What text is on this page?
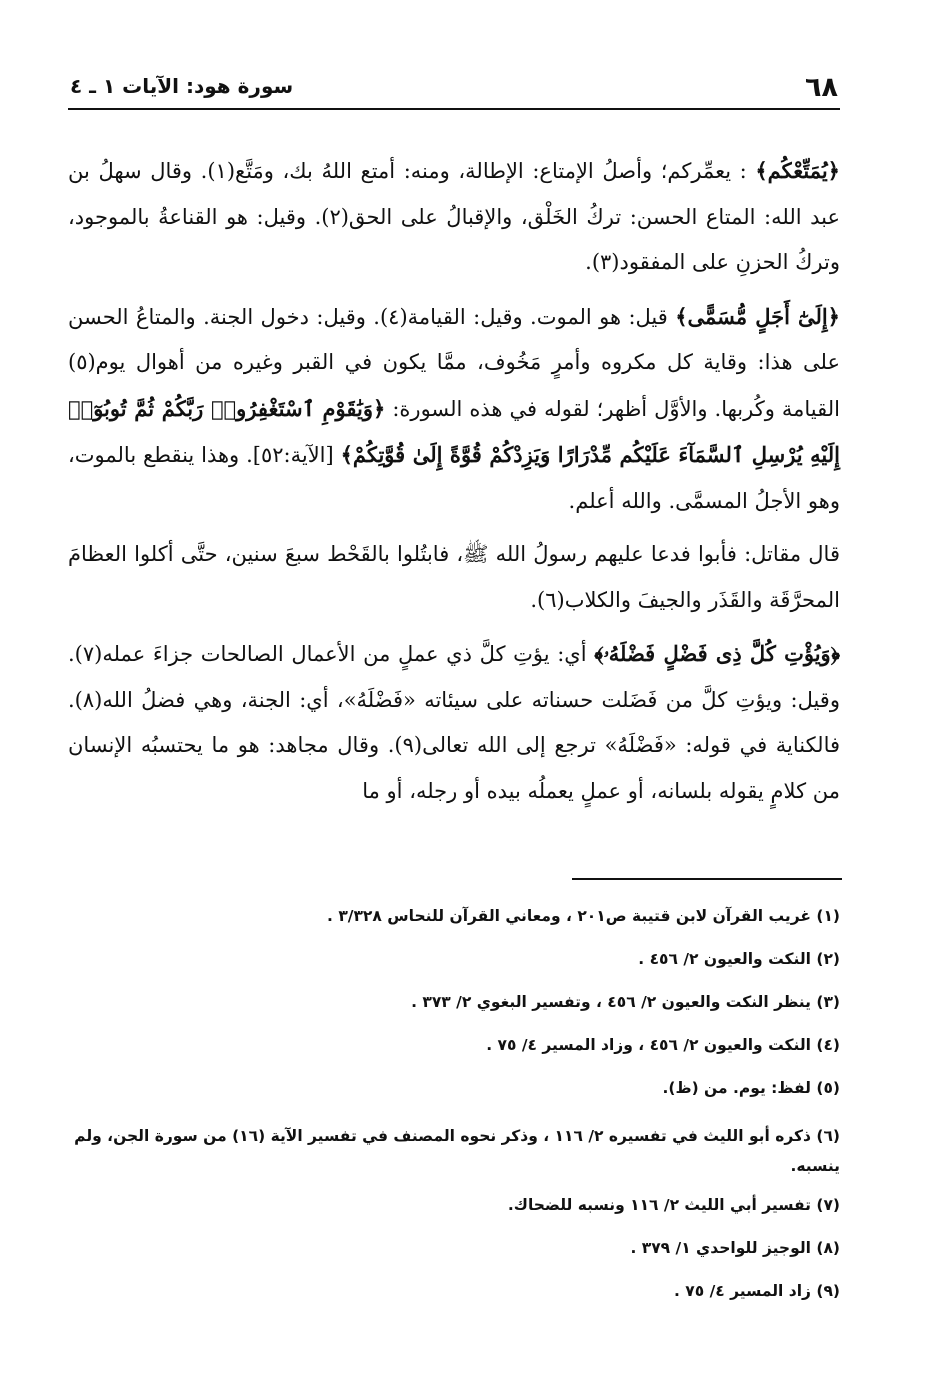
٦٨
سورة هود: الآيات ١ ـ ٤

﴿يُمَتِّعْكُم﴾ : يعمِّركم؛ وأصلُ الإمتاع: الإطالة، ومنه: أمتع اللهُ بك، ومَتَّع(١). وقال سهلُ بن عبد الله: المتاع الحسن: تركُ الخَلْق، والإقبالُ على الحق(٢). وقيل: هو القناعةُ بالموجود، وتركُ الحزنِ على المفقود(٣).

﴿إِلَىٰٓ أَجَلٍ مُّسَمًّى﴾ قيل: هو الموت. وقيل: القيامة(٤). وقيل: دخول الجنة. والمتاعُ الحسن على هذا: وقاية كل مكروه وأمرٍ مَخُوف، ممَّا يكون في القبر وغيره من أهوال يوم(٥) القيامة وكُربها. والأوَّل أظهر؛ لقوله في هذه السورة: ﴿وَيَٰقَوْمِ ٱسْتَغْفِرُوا۟ رَبَّكُمْ ثُمَّ تُوبُوٓا۟ إِلَيْهِ يُرْسِلِ ٱلسَّمَآءَ عَلَيْكُم مِّدْرَارًا وَيَزِدْكُمْ قُوَّةً إِلَىٰ قُوَّتِكُمْ﴾ [الآية:٥٢]. وهذا ينقطع بالموت، وهو الأجلُ المسمَّى. والله أعلم.

قال مقاتل: فأبوا فدعا عليهم رسولُ الله ﷺ، فابتُلوا بالقَحْط سبعَ سنين، حتَّى أكلوا العظامَ المحرَّقَة والقَذَر والجيفَ والكلاب(٦).

﴿وَيُؤْتِ كُلَّ ذِى فَضْلٍ فَضْلَهُۥ﴾ أي: يؤتِ كلَّ ذي عملٍ من الأعمال الصالحات جزاءَ عمله(٧). وقيل: ويؤتِ كلَّ من فَضَلت حسناته على سيئاته «فَضْلَهُ»، أي: الجنة، وهي فضلُ الله(٨). فالكناية في قوله: «فَضْلَهُ» ترجع إلى الله تعالى(٩). وقال مجاهد: هو ما يحتسبُه الإنسان من كلامٍ يقوله بلسانه، أو عملٍ يعملُه بيده أو رجله، أو ما

(١) غريب القرآن لابن قتيبة ص٢٠١ ، ومعاني القرآن للنحاس ٣/٣٢٨ .
(٢) النكت والعيون ٢/ ٤٥٦ .
(٣) ينظر النكت والعيون ٢/ ٤٥٦ ، وتفسير البغوي ٢/ ٣٧٣ .
(٤) النكت والعيون ٢/ ٤٥٦ ، وزاد المسير ٤/ ٧٥ .
(٥) لفظ: يوم. من (ظ).
(٦) ذكره أبو الليث في تفسيره ٢/ ١١٦ ، وذكر نحوه المصنف في تفسير الآية (١٦) من سورة الجن، ولم ينسبه.
(٧) تفسير أبي الليث ٢/ ١١٦ ونسبه للضحاك.
(٨) الوجيز للواحدي ١/ ٣٧٩ .
(٩) زاد المسير ٤/ ٧٥ .
